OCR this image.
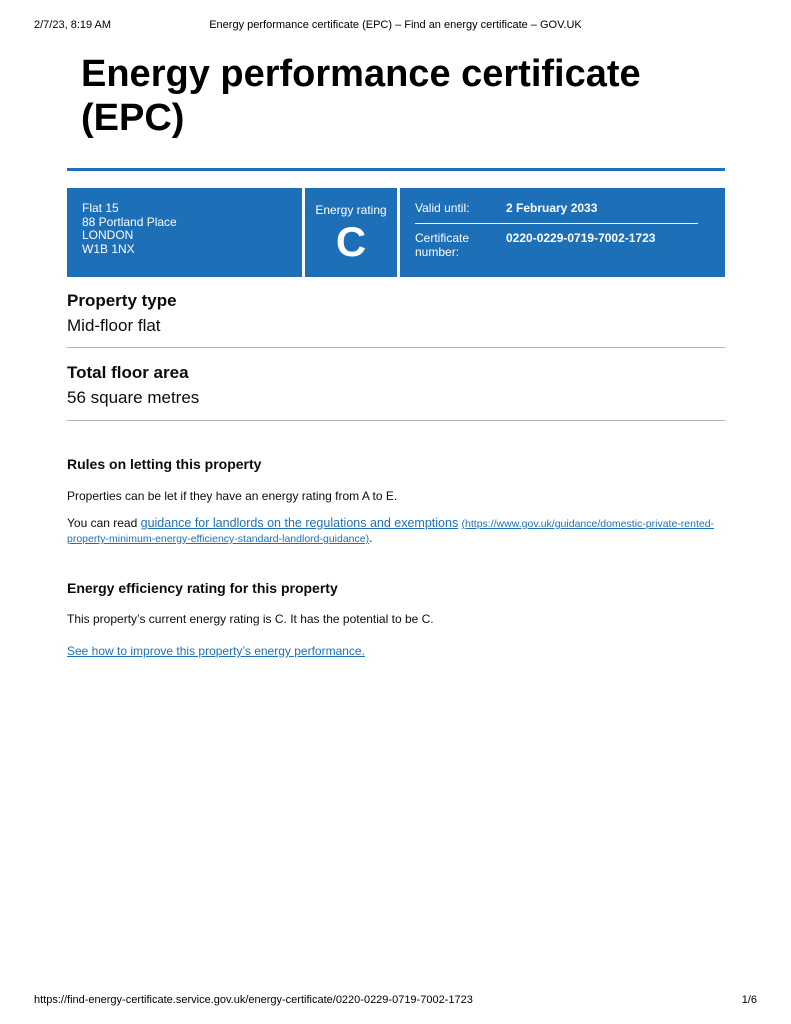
2/7/23, 8:19 AM	Energy performance certificate (EPC) – Find an energy certificate – GOV.UK
Energy performance certificate (EPC)
Flat 15
88 Portland Place
LONDON
W1B 1NX
Energy rating
C
Valid until:	2 February 2033
Certificate number:
0220-0229-0719-7002-1723
Property type
Mid-floor flat
Total floor area
56 square metres
Rules on letting this property

Properties can be let if they have an energy rating from A to E.

You can read guidance for landlords on the regulations and exemptions (https://www.gov.uk/guidance/domestic-private-rented-property-minimum-energy-efficiency-standard-landlord-guidance).

Energy efficiency rating for this property

This property’s current energy rating is C. It has the potential to be C.

See how to improve this property’s energy performance.

https://find-energy-certificate.service.gov.uk/energy-certificate/0220-0229-0719-7002-1723	1/6
